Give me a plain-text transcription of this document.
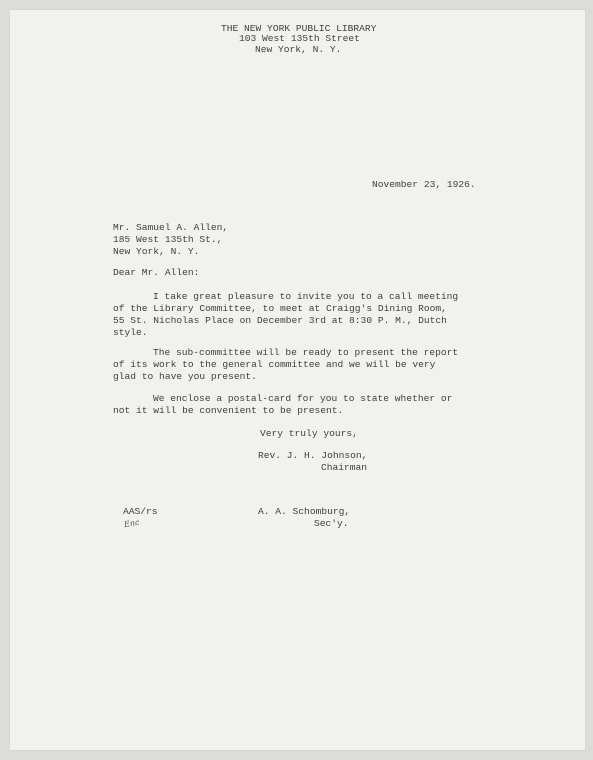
THE NEW YORK PUBLIC LIBRARY
103 West 135th Street
New York, N. Y.
November 23, 1926.
Mr. Samuel A. Allen,
185 West 135th St.,
New York, N. Y.
Dear Mr. Allen:
I take great pleasure to invite you to a call meeting
of the Library Committee, to meet at Craigg's Dining Room,
55 St. Nicholas Place on December 3rd at 8:30 P. M., Dutch
style.
The sub-committee will be ready to present the report
of its work to the general committee and we will be very
glad to have you present.
We enclose a postal-card for you to state whether or
not it will be convenient to be present.
Very truly yours,
Rev. J. H. Johnson,
Chairman
AAS/rs
Enc
A. A. Schomburg,
Sec'y.
